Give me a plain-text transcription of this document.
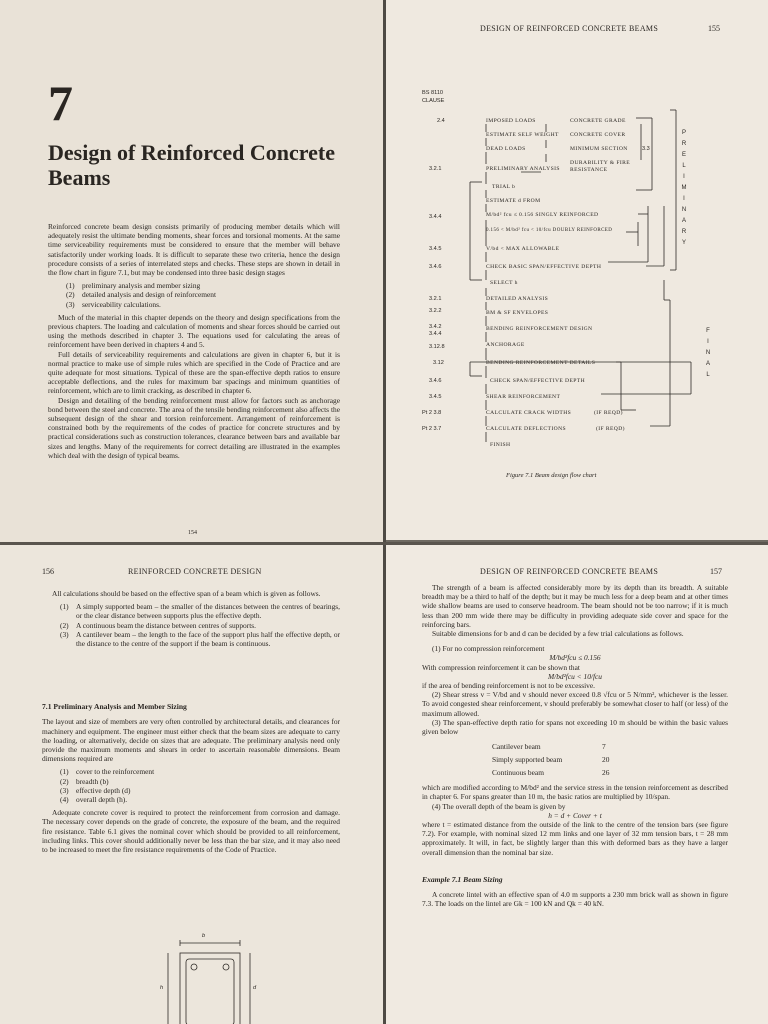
7
Design of Reinforced Concrete Beams

Reinforced concrete beam design consists primarily of producing member details which will adequately resist the ultimate bending moments, shear forces and torsional moments. At the same time serviceability requirements must be considered to ensure that the member will behave satisfactorily under working loads. It is difficult to separate these two criteria, hence the design procedure consists of a series of interrelated steps and checks. These steps are shown in detail in the flow chart in figure 7.1, but may be condensed into three basic design stages

(1) preliminary analysis and member sizing
(2) detailed analysis and design of reinforcement
(3) serviceability calculations.

Much of the material in this chapter depends on the theory and design specifications from the previous chapters. The loading and calculation of moments and shear forces should be carried out using the methods described in chapter 3. The equations used for calculating the areas of reinforcement have been derived in chapters 4 and 5.

Full details of serviceability requirements and calculations are given in chapter 6, but it is normal practice to make use of simple rules which are specified in the Code of Practice and are quite adequate for most situations. Typical of these are the span-effective depth ratios to ensure acceptable deflections, and the rules for maximum bar spacings and minimum quantities of reinforcement, which are to limit cracking, as described in chapter 6.

Design and detailing of the bending reinforcement must allow for factors such as anchorage bond between the steel and concrete. The area of the tensile bending reinforcement also affects the subsequent design of the shear and torsion reinforcement. Arrangement of reinforcement is constrained both by the requirements of the codes of practice for concrete structures and by practical considerations such as construction tolerances, clearance between bars and available bar sizes and lengths. Many of the requirements for correct detailing are illustrated in the examples which deal with the design of typical beams.

154
DESIGN OF REINFORCED CONCRETE BEAMS	155
BS 8110
CLAUSE
2.4
3.2.1
3.4.4
3.4.5
3.4.6
3.2.1
3.2.2
3.4.2
3.4.4
3.12.8
3.12
3.4.6
3.4.5
Pt 2 3.8
Pt 2 3.7
IMPOSED LOADS	CONCRETE GRADE
ESTIMATE SELF WEIGHT CONCRETE COVER
DEAD LOADS	MINIMUM SECTION	3.3
DURABILITY & FIRE
RESISTANCE
PRELIMINARY ANALYSIS
TRIAL b
ESTIMATE d FROM
M/bd² fcu ≤ 0.156 SINGLY REINFORCED
0.156 < M/bd² fcu < 10/fcu DOUBLY REINFORCED
V/bd < MAX ALLOWABLE
CHECK BASIC SPAN/EFFECTIVE DEPTH
SELECT h
DETAILED ANALYSIS
BM & SF ENVELOPES
BENDING REINFORCEMENT DESIGN
ANCHORAGE
BENDING REINFORCEMENT DETAILS
CHECK SPAN/EFFECTIVE DEPTH
SHEAR REINFORCEMENT
CALCULATE CRACK WIDTHS	(IF REQD)
CALCULATE DEFLECTIONS	(IF REQD)
FINISH
P
R
E
L
I
M
I
N
A
R
Y
F
I
N
A
L
Figure 7.1 Beam design flow chart
156	REINFORCED CONCRETE DESIGN

All calculations should be based on the effective span of a beam which is given as follows.

(1) A simply supported beam – the smaller of the distances between the centres of bearings, or the clear distance between supports plus the effective depth.
(2) A continuous beam the distance between centres of supports.
(3) A cantilever beam – the length to the face of the support plus half the effective depth, or the distance to the centre of the support if the beam is continuous.
7.1 Preliminary Analysis and Member Sizing

The layout and size of members are very often controlled by architectural details, and clearances for machinery and equipment. The engineer must either check that the beam sizes are adequate to carry the loading, or alternatively, decide on sizes that are adequate. The preliminary analysis need only provide the maximum moments and shears in order to ascertain reasonable dimensions. Beam dimensions required are

(1) cover to the reinforcement
(2) breadth (b)
(3) effective depth (d)
(4) overall depth (h).

Adequate concrete cover is required to protect the reinforcement from corrosion and damage. The necessary cover depends on the grade of concrete, the exposure of the beam, and the required fire resistance. Table 6.1 gives the nominal cover which should be provided to all reinforcement, including links. This cover should additionally never be less than the bar size, and it may also need to be increased to meet the fire resistance requirements of the Code of Practice.

b
h	d
DESIGN OF REINFORCED CONCRETE BEAMS	157

The strength of a beam is affected considerably more by its depth than its breadth. A suitable breadth may be a third to half of the depth; but it may be much less for a deep beam and at other times wide shallow beams are used to conserve headroom. The beam should not be too narrow; if it is much less than 200 mm wide there may be difficulty in providing adequate side cover and space for the reinforcing bars.

Suitable dimensions for b and d can be decided by a few trial calculations as follows.

(1) For no compression reinforcement

M/bd²fcu ≤ 0.156

With compression reinforcement it can be shown that

M/bd²fcu < 10/fcu

if the area of bending reinforcement is not to be excessive.

(2) Shear stress v = V/bd and v should never exceed 0.8 √fcu or 5 N/mm², whichever is the lesser. To avoid congested shear reinforcement, v should preferably be somewhat closer to half (or less) of the maximum allowed.

(3) The span-effective depth ratio for spans not exceeding 10 m should be within the basic values given below

Cantilever beam	7
Simply supported beam	20
Continuous beam	26

which are modified according to M/bd² and the service stress in the tension reinforcement as described in chapter 6. For spans greater than 10 m, the basic ratios are multiplied by 10/span.

(4) The overall depth of the beam is given by

h = d + Cover + t

where t = estimated distance from the outside of the link to the centre of the tension bars (see figure 7.2). For example, with nominal sized 12 mm links and one layer of 32 mm tension bars, t = 28 mm approximately. It will, in fact, be slightly larger than this with deformed bars as they have a larger overall dimension than the nominal bar size.

Example 7.1 Beam Sizing

A concrete lintel with an effective span of 4.0 m supports a 230 mm brick wall as shown in figure 7.3. The loads on the lintel are Gk = 100 kN and Qk = 40 kN.
